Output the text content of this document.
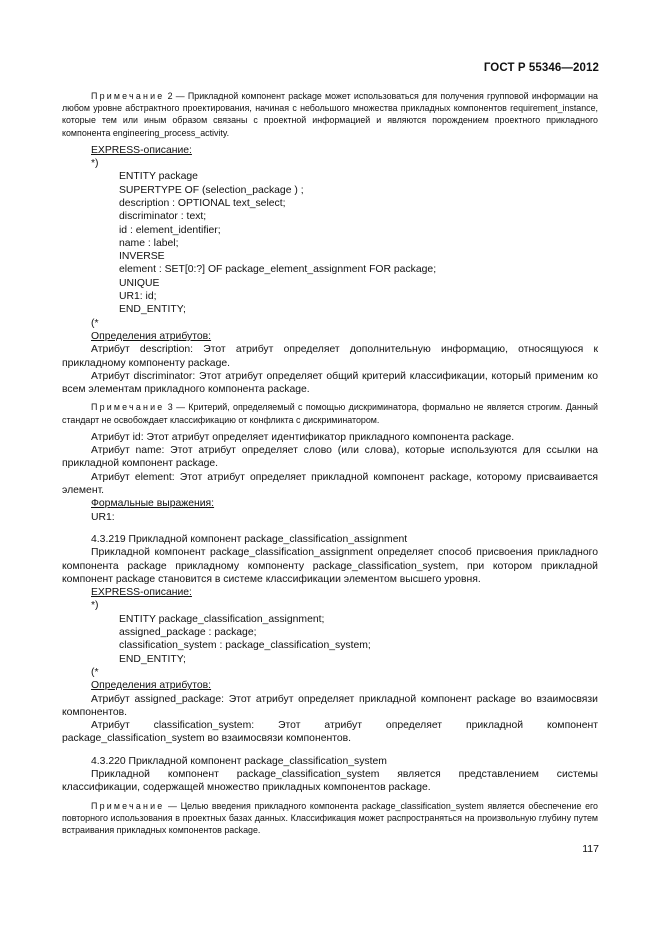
ГОСТ Р 55346—2012

Примечание 2 — Прикладной компонент package может использоваться для получения групповой информации на любом уровне абстрактного проектирования, начиная с небольшого множества прикладных компонентов requirement_instance, которые тем или иным образом связаны с проектной информацией и являются порождением проектного прикладного компонента engineering_process_activity.

EXPRESS-описание:

*)

ENTITY package

SUPERTYPE OF (selection_package ) ;

description : OPTIONAL text_select;

discriminator : text;

id : element_identifier;

name : label;

INVERSE

element : SET[0:?] OF package_element_assignment FOR package;

UNIQUE

UR1: id;

END_ENTITY;

(*

Определения атрибутов:

Атрибут description: Этот атрибут определяет дополнительную информацию, относящуюся к прикладному компоненту package.

Атрибут discriminator: Этот атрибут определяет общий критерий классификации, который применим ко всем элементам прикладного компонента package.

Примечание 3 — Критерий, определяемый с помощью дискриминатора, формально не является строгим. Данный стандарт не освобождает классификацию от конфликта с дискриминатором.

Атрибут id: Этот атрибут определяет идентификатор прикладного компонента package.

Атрибут name: Этот атрибут определяет слово (или слова), которые используются для ссылки на прикладной компонент package.

Атрибут element: Этот атрибут определяет прикладной компонент package, которому присваивается элемент.

Формальные выражения:

UR1:

4.3.219 Прикладной компонент package_classification_assignment

Прикладной компонент package_classification_assignment определяет способ присвоения прикладного компонента package прикладному компоненту package_classification_system, при котором прикладной компонент package становится в системе классификации элементом высшего уровня.

EXPRESS-описание:

*)

ENTITY package_classification_assignment;

assigned_package : package;

classification_system : package_classification_system;

END_ENTITY;

(*

Определения атрибутов:

Атрибут assigned_package: Этот атрибут определяет прикладной компонент package во взаимосвязи компонентов.

Атрибут classification_system: Этот атрибут определяет прикладной компонент package_classification_system во взаимосвязи компонентов.

4.3.220 Прикладной компонент package_classification_system

Прикладной компонент package_classification_system является представлением системы классификации, содержащей множество прикладных компонентов package.

Примечание — Целью введения прикладного компонента package_classification_system является обеспечение его повторного использования в проектных базах данных. Классификация может распространяться на произвольную глубину путем встраивания прикладных компонентов package.

117
